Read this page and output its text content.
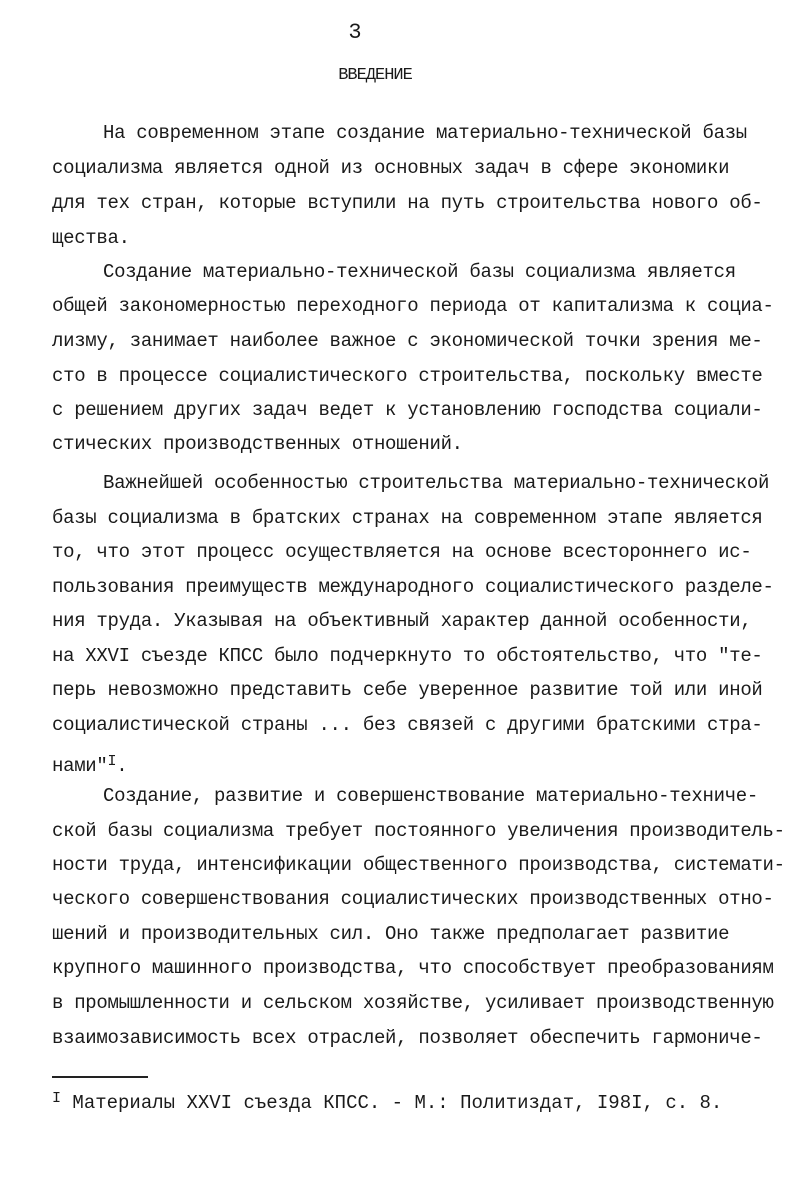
3
ВВЕДЕНИЕ
На современном этапе создание материально-технической базы
социализма является одной из основных задач в сфере экономики
для тех стран, которые вступили на путь строительства нового об-
щества.
Создание материально-технической базы социализма является
общей закономерностью переходного периода от капитализма к социа-
лизму, занимает наиболее важное с экономической точки зрения ме-
сто в процессе социалистического строительства, поскольку вместе
с решением других задач ведет к установлению господства социали-
стических производственных отношений.
Важнейшей особенностью строительства материально-технической
базы социализма в братских странах на современном этапе является
то, что этот процесс осуществляется на основе всестороннего ис-
пользования преимуществ международного социалистического разделе-
ния труда. Указывая на объективный характер данной особенности,
на XXVI съезде КПСС было подчеркнуто то обстоятельство, что "те-
перь невозможно представить себе уверенное развитие той или иной
социалистической страны ... без связей с другими братскими стра-
нами"$^I$.
Создание, развитие и совершенствование материально-техниче-
ской базы социализма требует постоянного увеличения производитель-
ности труда, интенсификации общественного производства, системати-
ческого совершенствования социалистических производственных отно-
шений и производительных сил. Оно также предполагает развитие
крупного машинного производства, что способствует преобразованиям
в промышленности и сельском хозяйстве, усиливает производственную
взаимозависимость всех отраслей, позволяет обеспечить гармониче-
$^I$ Материалы XXVI съезда КПСС. - М.: Политиздат, I98I, с. 8.
